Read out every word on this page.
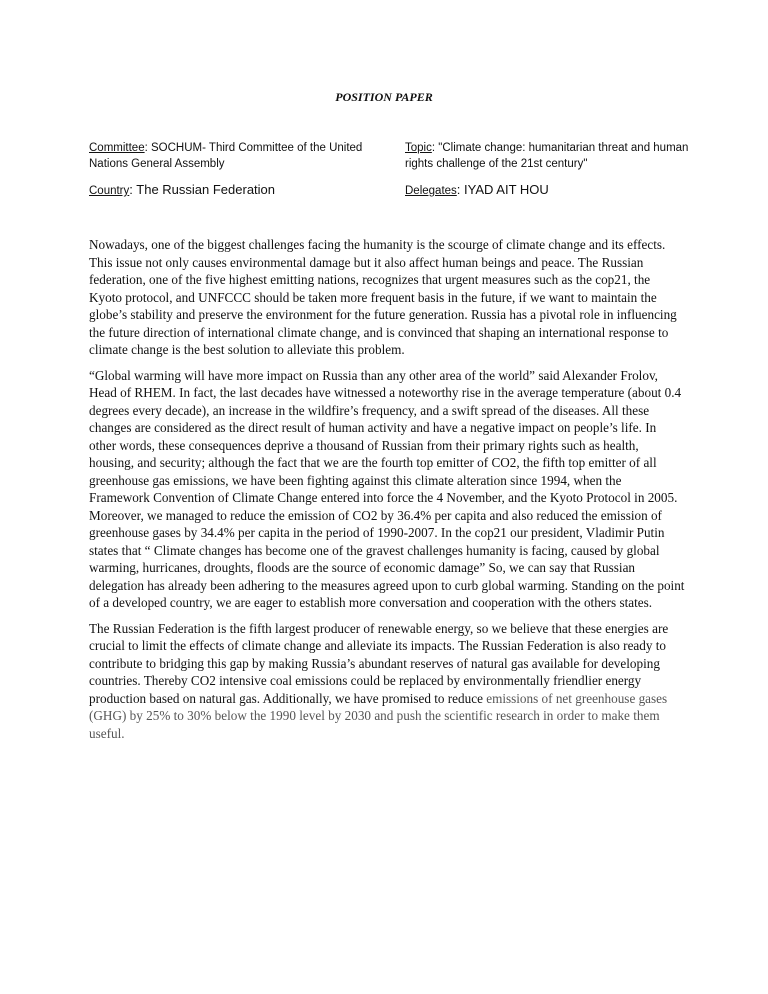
POSITION PAPER
Committee: SOCHUM- Third Committee of the United Nations General Assembly
Topic: "Climate change: humanitarian threat and human rights challenge of the 21st century"
Country: The Russian Federation	Delegates: IYAD AIT HOU

Nowadays, one of the biggest challenges facing the humanity is the scourge of climate change and its effects. This issue not only causes environmental damage but it also affect human beings and peace. The Russian federation, one of the five highest emitting nations, recognizes that urgent measures such as the cop21, the Kyoto protocol, and UNFCCC should be taken more frequent basis in the future, if we want to maintain the globe’s stability and preserve the environment for the future generation. Russia has a pivotal role in influencing the future direction of international climate change, and is convinced that shaping an international response to climate change is the best solution to alleviate this problem.

“Global warming will have more impact on Russia than any other area of the world” said Alexander Frolov, Head of RHEM. In fact, the last decades have witnessed a noteworthy rise in the average temperature (about 0.4 degrees every decade), an increase in the wildfire’s frequency, and a swift spread of the diseases. All these changes are considered as the direct result of human activity and have a negative impact on people’s life. In other words, these consequences deprive a thousand of Russian from their primary rights such as health, housing, and security; although the fact that we are the fourth top emitter of CO2, the fifth top emitter of all greenhouse gas emissions, we have been fighting against this climate alteration since 1994, when the Framework Convention of Climate Change entered into force the 4 November, and the Kyoto Protocol in 2005. Moreover, we managed to reduce the emission of CO2 by 36.4% per capita and also reduced the emission of greenhouse gases by 34.4% per capita in the period of 1990-2007. In the cop21 our president, Vladimir Putin states that “ Climate changes has become one of the gravest challenges humanity is facing, caused by global warming, hurricanes, droughts, floods are the source of economic damage” So, we can say that Russian delegation has already been adhering to the measures agreed upon to curb global warming. Standing on the point of a developed country, we are eager to establish more conversation and cooperation with the others states.

The Russian Federation is the fifth largest producer of renewable energy, so we believe that these energies are crucial to limit the effects of climate change and alleviate its impacts. The Russian Federation is also ready to contribute to bridging this gap by making Russia’s abundant reserves of natural gas available for developing countries. Thereby CO2 intensive coal emissions could be replaced by environmentally friendlier energy production based on natural gas. Additionally, we have promised to reduce emissions of net greenhouse gases (GHG) by 25% to 30% below the 1990 level by 2030 and push the scientific research in order to make them useful.
